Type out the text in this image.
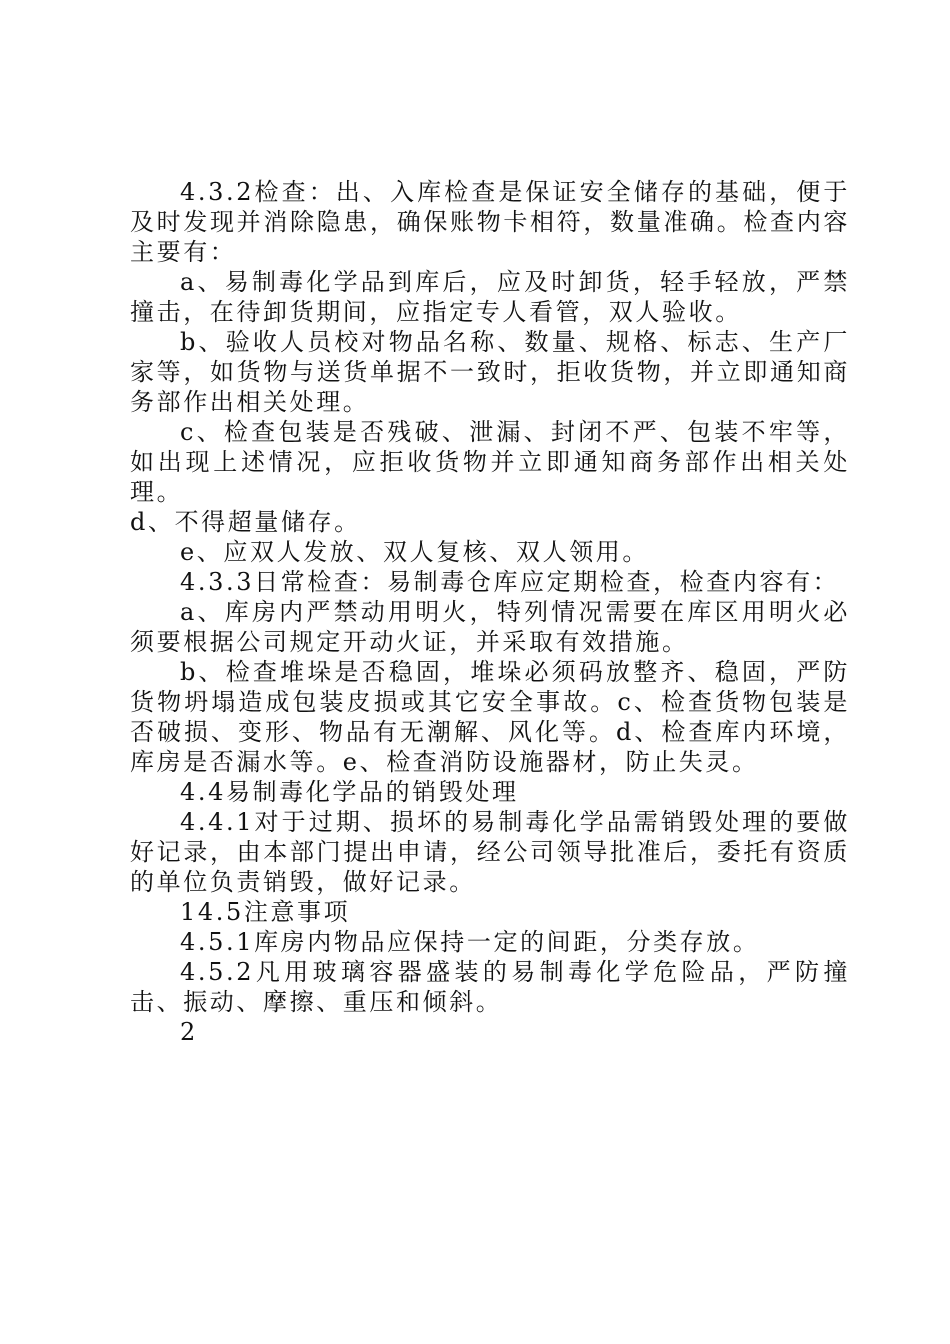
4.3.2检查：出、入库检查是保证安全储存的基础，便于及时发现并消除隐患，确保账物卡相符，数量准确。检查内容主要有：

a、易制毒化学品到库后，应及时卸货，轻手轻放，严禁撞击，在待卸货期间，应指定专人看管，双人验收。

b、验收人员校对物品名称、数量、规格、标志、生产厂家等，如货物与送货单据不一致时，拒收货物，并立即通知商务部作出相关处理。

c、检查包装是否残破、泄漏、封闭不严、包装不牢等，如出现上述情况，应拒收货物并立即通知商务部作出相关处理。

d、不得超量储存。

e、应双人发放、双人复核、双人领用。

4.3.3日常检查：易制毒仓库应定期检查，检查内容有：

a、库房内严禁动用明火，特列情况需要在库区用明火必须要根据公司规定开动火证，并采取有效措施。

b、检查堆垛是否稳固，堆垛必须码放整齐、稳固，严防货物坍塌造成包装皮损或其它安全事故。c、检查货物包装是否破损、变形、物品有无潮解、风化等。d、检查库内环境，库房是否漏水等。e、检查消防设施器材，防止失灵。

4.4易制毒化学品的销毁处理

4.4.1对于过期、损坏的易制毒化学品需销毁处理的要做好记录，由本部门提出申请，经公司领导批准后，委托有资质的单位负责销毁，做好记录。

14.5注意事项

4.5.1库房内物品应保持一定的间距，分类存放。

4.5.2凡用玻璃容器盛装的易制毒化学危险品，严防撞击、振动、摩擦、重压和倾斜。

2
